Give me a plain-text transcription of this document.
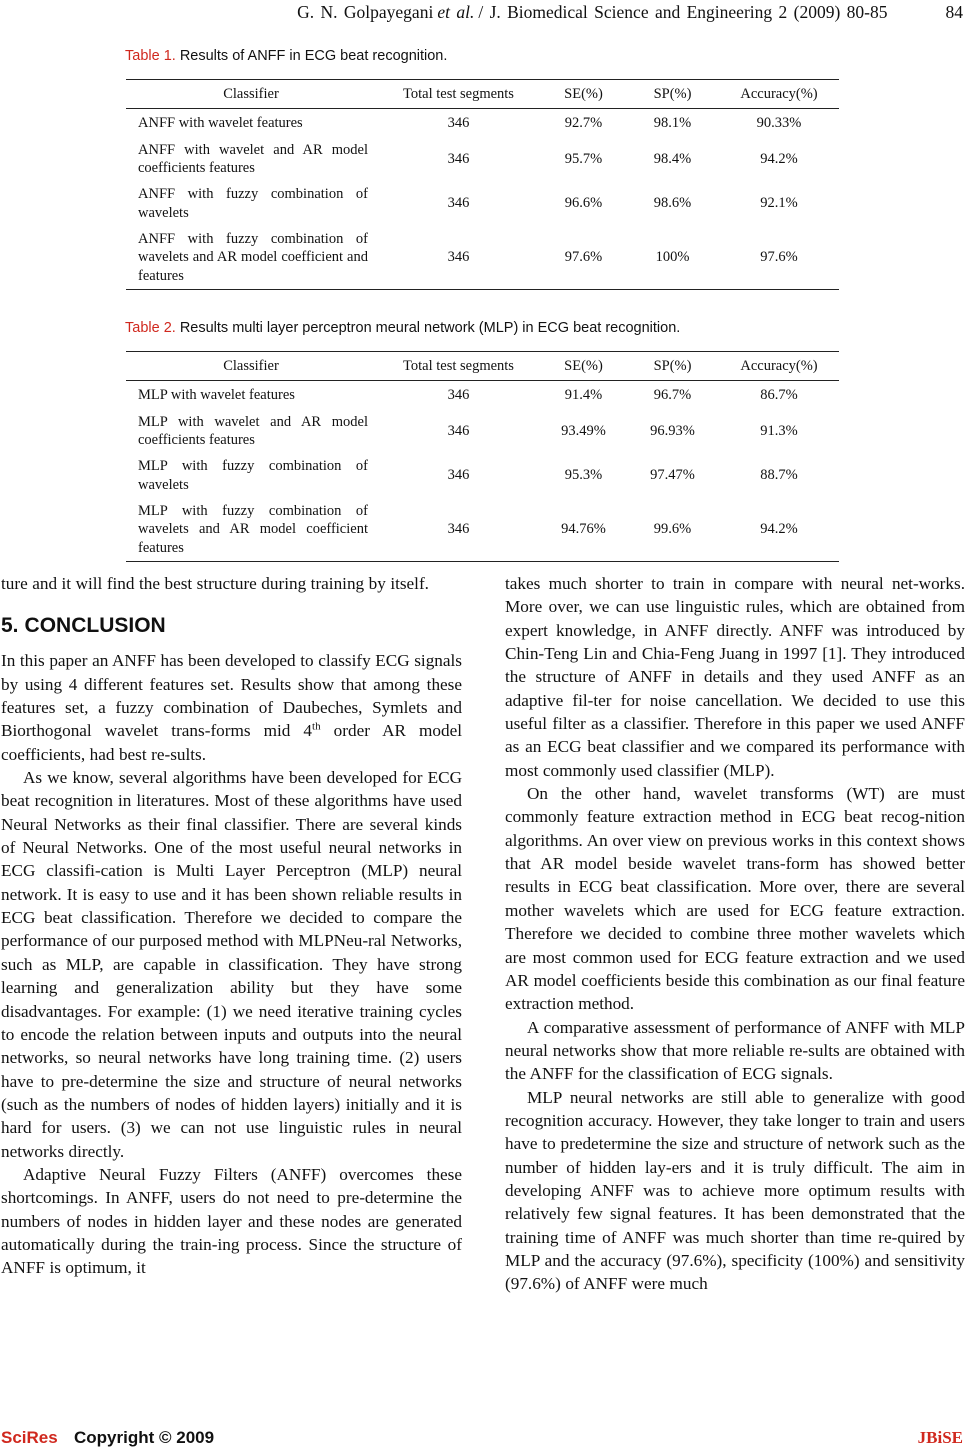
G. N. Golpayegani et al. / J. Biomedical Science and Engineering 2 (2009) 80-85	84
Table 1. Results of ANFF in ECG beat recognition.
Classifier	Total test segments	SE(%)	SP(%)	Accuracy(%)
ANFF with wavelet features	346	92.7%	98.1%	90.33%
ANFF with wavelet and AR model coefficients features	346	95.7%	98.4%	94.2%
ANFF with fuzzy combination of wavelets	346	96.6%	98.6%	92.1%
ANFF with fuzzy combination of wavelets and AR model coefficient and features	346	97.6%	100%	97.6%
Table 2. Results multi layer perceptron meural network (MLP) in ECG beat recognition.
Classifier	Total test segments	SE(%)	SP(%)	Accuracy(%)
MLP with wavelet features	346	91.4%	96.7%	86.7%
MLP with wavelet and AR model coefficients features	346	93.49%	96.93%	91.3%
MLP with fuzzy combination of wavelets	346	95.3%	97.47%	88.7%
MLP with fuzzy combination of wavelets and AR model coefficient features	346	94.76%	99.6%	94.2%

ture and it will find the best structure during training by itself.

5. CONCLUSION

In this paper an ANFF has been developed to classify ECG signals by using 4 different features set. Results show that among these features set, a fuzzy combination of Daubeches, Symlets and Biorthogonal wavelet trans-forms mid 4th order AR model coefficients, had best re-sults.

As we know, several algorithms have been developed for ECG beat recognition in literatures. Most of these algorithms have used Neural Networks as their final classifier. There are several kinds of Neural Networks. One of the most useful neural networks in ECG classifi-cation is Multi Layer Perceptron (MLP) neural network. It is easy to use and it has been shown reliable results in ECG beat classification. Therefore we decided to compare the performance of our purposed method with MLPNeu-ral Networks, such as MLP, are capable in classification. They have strong learning and generalization ability but they have some disadvantages. For example: (1) we need iterative training cycles to encode the relation between inputs and outputs into the neural networks, so neural networks have long training time. (2) users have to pre-determine the size and structure of neural networks (such as the numbers of nodes of hidden layers) initially and it is hard for users. (3) we can not use linguistic rules in neural networks directly.

Adaptive Neural Fuzzy Filters (ANFF) overcomes these shortcomings. In ANFF, users do not need to pre-determine the numbers of nodes in hidden layer and these nodes are generated automatically during the train-ing process. Since the structure of ANFF is optimum, it

takes much shorter to train in compare with neural net-works. More over, we can use linguistic rules, which are obtained from expert knowledge, in ANFF directly. ANFF was introduced by Chin-Teng Lin and Chia-Feng Juang in 1997 [1]. They introduced the structure of ANFF in details and they used ANFF as an adaptive fil-ter for noise cancellation. We decided to use this useful filter as a classifier. Therefore in this paper we used ANFF as an ECG beat classifier and we compared its performance with most commonly used classifier (MLP).

On the other hand, wavelet transforms (WT) are must commonly feature extraction method in ECG beat recog-nition algorithms. An over view on previous works in this context shows that AR model beside wavelet trans-form has showed better results in ECG beat classification. More over, there are several mother wavelets which are used for ECG feature extraction. Therefore we decided to combine three mother wavelets which are most common used for ECG feature extraction and we used AR model coefficients beside this combination as our final feature extraction method.

A comparative assessment of performance of ANFF with MLP neural networks show that more reliable re-sults are obtained with the ANFF for the classification of ECG signals.

MLP neural networks are still able to generalize with good recognition accuracy. However, they take longer to train and users have to predetermine the size and structure of network such as the number of hidden lay-ers and it is truly difficult. The aim in developing ANFF was to achieve more optimum results with relatively few signal features. It has been demonstrated that the training time of ANFF was much shorter than time re-quired by MLP and the accuracy (97.6%), specificity (100%) and sensitivity (97.6%) of ANFF were much

SciRes Copyright © 2009	JBiSE
